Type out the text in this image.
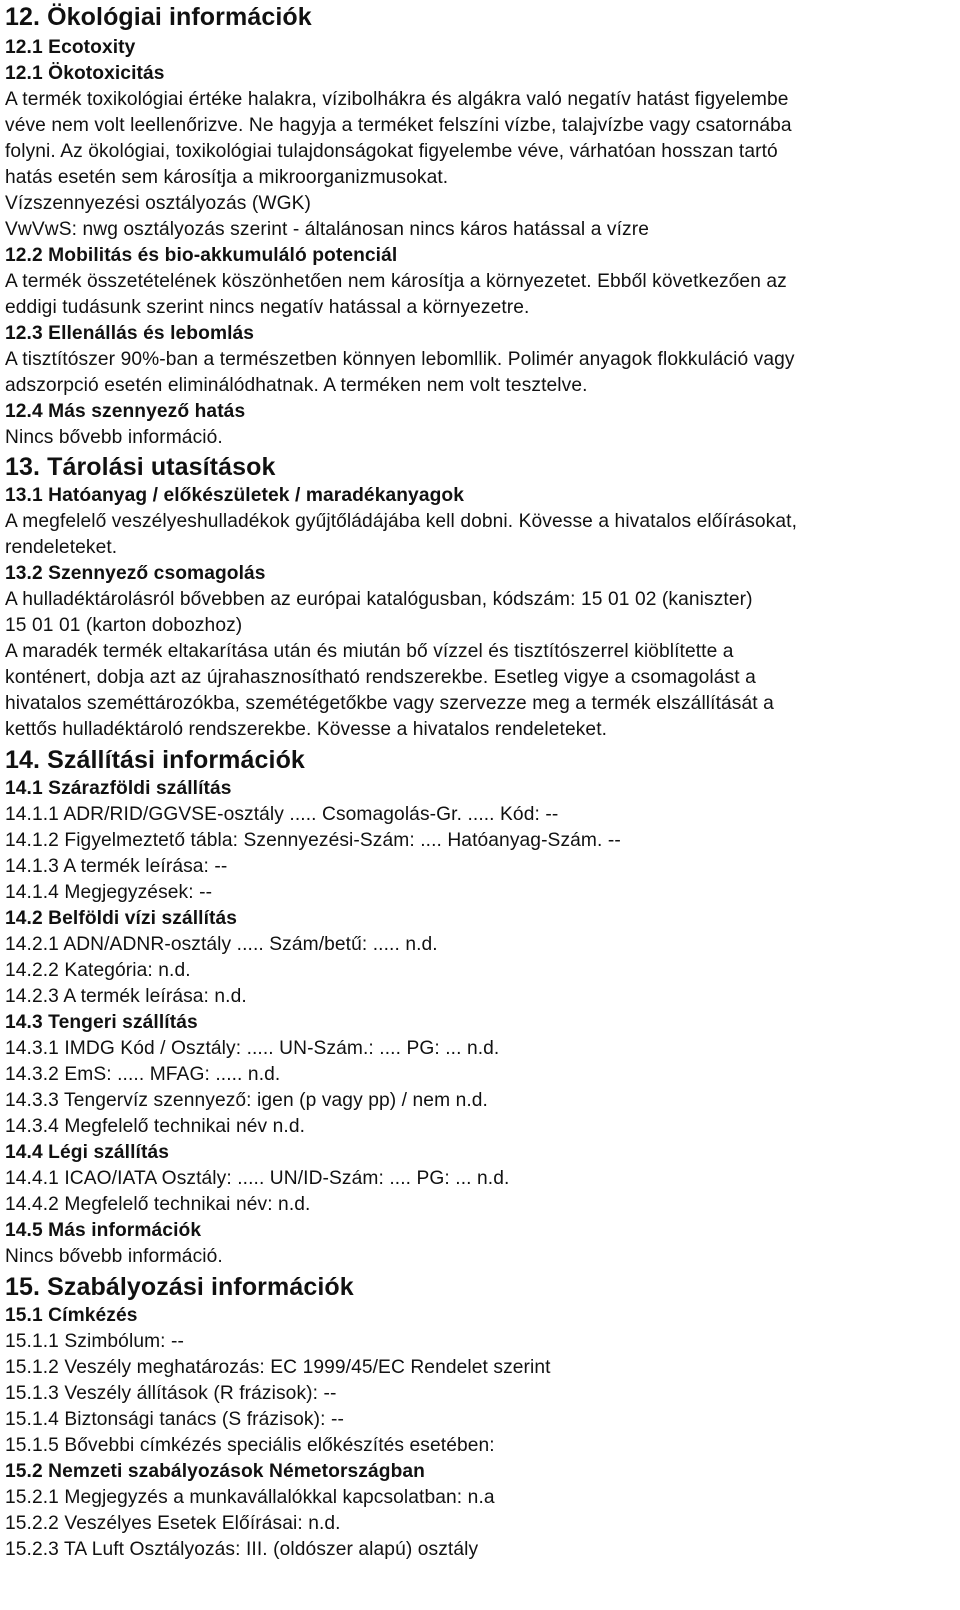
12. Ökológiai információk
12.1 Ecotoxity
12.1 Ökotoxicitás
A termék toxikológiai értéke halakra, vízibolhákra és algákra való negatív hatást figyelembe
véve nem volt leellenőrizve. Ne hagyja a terméket felszíni vízbe, talajvízbe vagy csatornába
folyni. Az ökológiai, toxikológiai tulajdonságokat figyelembe véve, várhatóan hosszan tartó
hatás esetén sem károsítja a mikroorganizmusokat.
Vízszennyezési osztályozás (WGK)
VwVwS: nwg osztályozás szerint - általánosan nincs káros hatással a vízre
12.2 Mobilitás és bio-akkumuláló potenciál
A termék összetételének köszönhetően nem károsítja a környezetet. Ebből következően az
eddigi tudásunk szerint nincs negatív hatással a környezetre.
12.3 Ellenállás és lebomlás
A tisztítószer 90%-ban a természetben könnyen lebomllik. Polimér anyagok flokkuláció vagy
adszorpció esetén eliminálódhatnak. A terméken nem volt tesztelve.
12.4 Más szennyező hatás
Nincs bővebb információ.
13. Tárolási utasítások
13.1 Hatóanyag / előkészületek / maradékanyagok
A megfelelő veszélyeshulladékok gyűjtőládájába kell dobni. Kövesse a hivatalos előírásokat,
rendeleteket.
13.2 Szennyező csomagolás
A hulladéktárolásról bővebben az európai katalógusban, kódszám: 15 01 02 (kaniszter)
15 01 01 (karton dobozhoz)
A maradék termék eltakarítása után és miután bő vízzel és tisztítószerrel kiöblítette a
konténert, dobja azt az újrahasznosítható rendszerekbe. Esetleg vigye a csomagolást a
hivatalos szeméttározókba, szemétégetőkbe vagy szervezze meg a termék elszállítását a
kettős hulladéktároló rendszerekbe. Kövesse a hivatalos rendeleteket.
14. Szállítási információk
14.1 Szárazföldi szállítás
14.1.1 ADR/RID/GGVSE-osztály ..... Csomagolás-Gr. ..... Kód: --
14.1.2 Figyelmeztető tábla: Szennyezési-Szám: .... Hatóanyag-Szám. --
14.1.3 A termék leírása: --
14.1.4 Megjegyzések: --
14.2 Belföldi vízi szállítás
14.2.1 ADN/ADNR-osztály ..... Szám/betű: ..... n.d.
14.2.2 Kategória: n.d.
14.2.3 A termék leírása: n.d.
14.3 Tengeri szállítás
14.3.1 IMDG Kód / Osztály: ..... UN-Szám.: .... PG: ... n.d.
14.3.2 EmS: ..... MFAG: ..... n.d.
14.3.3 Tengervíz szennyező: igen (p vagy pp) / nem n.d.
14.3.4 Megfelelő technikai név n.d.
14.4 Légi szállítás
14.4.1 ICAO/IATA Osztály: ..... UN/ID-Szám: .... PG: ... n.d.
14.4.2 Megfelelő technikai név: n.d.
14.5 Más információk
Nincs bővebb információ.
15. Szabályozási információk
15.1 Címkézés
15.1.1 Szimbólum: --
15.1.2 Veszély meghatározás: EC 1999/45/EC Rendelet szerint
15.1.3 Veszély állítások (R frázisok): --
15.1.4 Biztonsági tanács (S frázisok): --
15.1.5 Bővebbi címkézés speciális előkészítés esetében:
15.2 Nemzeti szabályozások Németországban
15.2.1 Megjegyzés a munkavállalókkal kapcsolatban: n.a
15.2.2 Veszélyes Esetek Előírásai: n.d.
15.2.3 TA Luft Osztályozás: III. (oldószer alapú) osztály
